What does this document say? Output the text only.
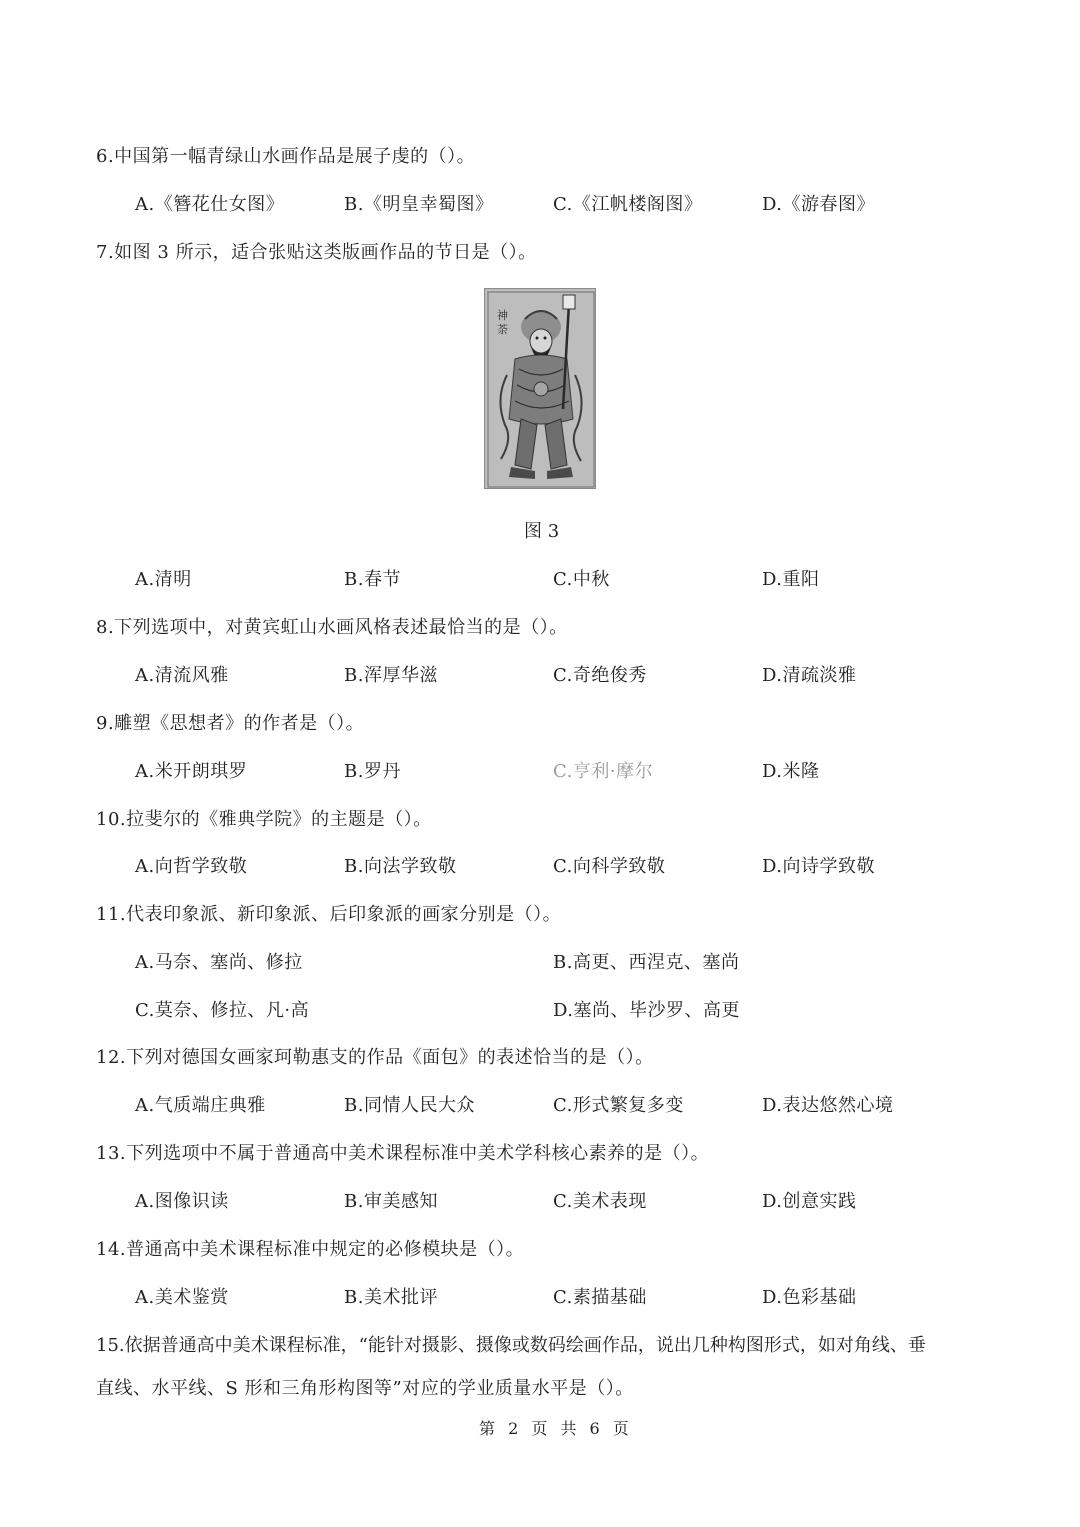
6.中国第一幅青绿山水画作品是展子虔的（）。
A.《簪花仕女图》	B.《明皇幸蜀图》	C.《江帆楼阁图》	D.《游春图》
7.如图 3 所示，适合张贴这类版画作品的节日是（）。
神
荼
图 3
A.清明	B.春节	C.中秋	D.重阳
8.下列选项中，对黄宾虹山水画风格表述最恰当的是（）。
A.清流风雅	B.浑厚华滋	C.奇绝俊秀	D.清疏淡雅
9.雕塑《思想者》的作者是（）。
A.米开朗琪罗	B.罗丹	C.亨利·摩尔	D.米隆
10.拉斐尔的《雅典学院》的主题是（）。
A.向哲学致敬	B.向法学致敬	C.向科学致敬	D.向诗学致敬
11.代表印象派、新印象派、后印象派的画家分别是（）。
A.马奈、塞尚、修拉	B.高更、西涅克、塞尚
C.莫奈、修拉、凡·高	D.塞尚、毕沙罗、高更
12.下列对德国女画家珂勒惠支的作品《面包》的表述恰当的是（）。
A.气质端庄典雅	B.同情人民大众	C.形式繁复多变	D.表达悠然心境
13.下列选项中不属于普通高中美术课程标准中美术学科核心素养的是（）。
A.图像识读	B.审美感知	C.美术表现	D.创意实践
14.普通高中美术课程标准中规定的必修模块是（）。
A.美术鉴赏	B.美术批评	C.素描基础	D.色彩基础
15.依据普通高中美术课程标准，“能针对摄影、摄像或数码绘画作品，说出几种构图形式，如对角线、垂
直线、水平线、S 形和三角形构图等”对应的学业质量水平是（）。
第 2 页 共 6 页
